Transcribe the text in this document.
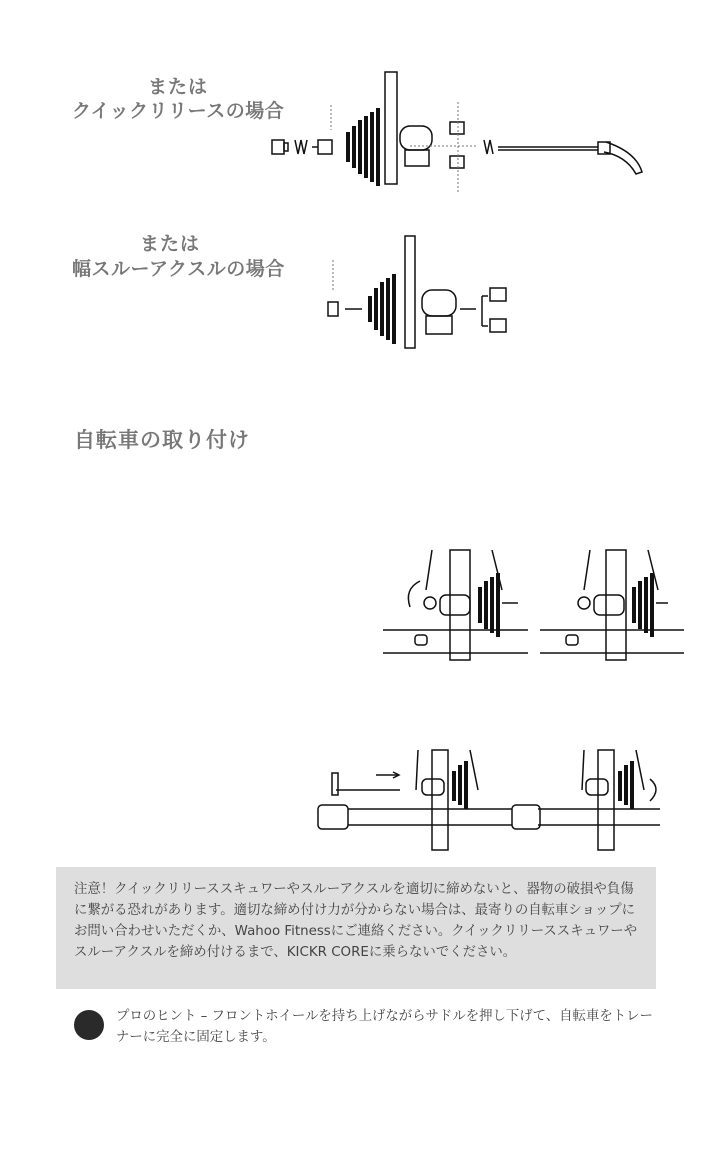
または
クイックリリースの場合
または
幅スルーアクスルの場合
自転車の取り付け

注意！クイックリリーススキュワーやスルーアクスルを適切に締めないと、器物の破損や負傷に繋がる恐れがあります。適切な締め付け力が分からない場合は、最寄りの自転車ショップにお問い合わせいただくか、Wahoo Fitnessにご連絡ください。クイックリリーススキュワーやスルーアクスルを締め付けるまで、KICKR COREに乗らないでください。

プロのヒント – フロントホイールを持ち上げながらサドルを押し下げて、自転車をトレーナーに完全に固定します。
